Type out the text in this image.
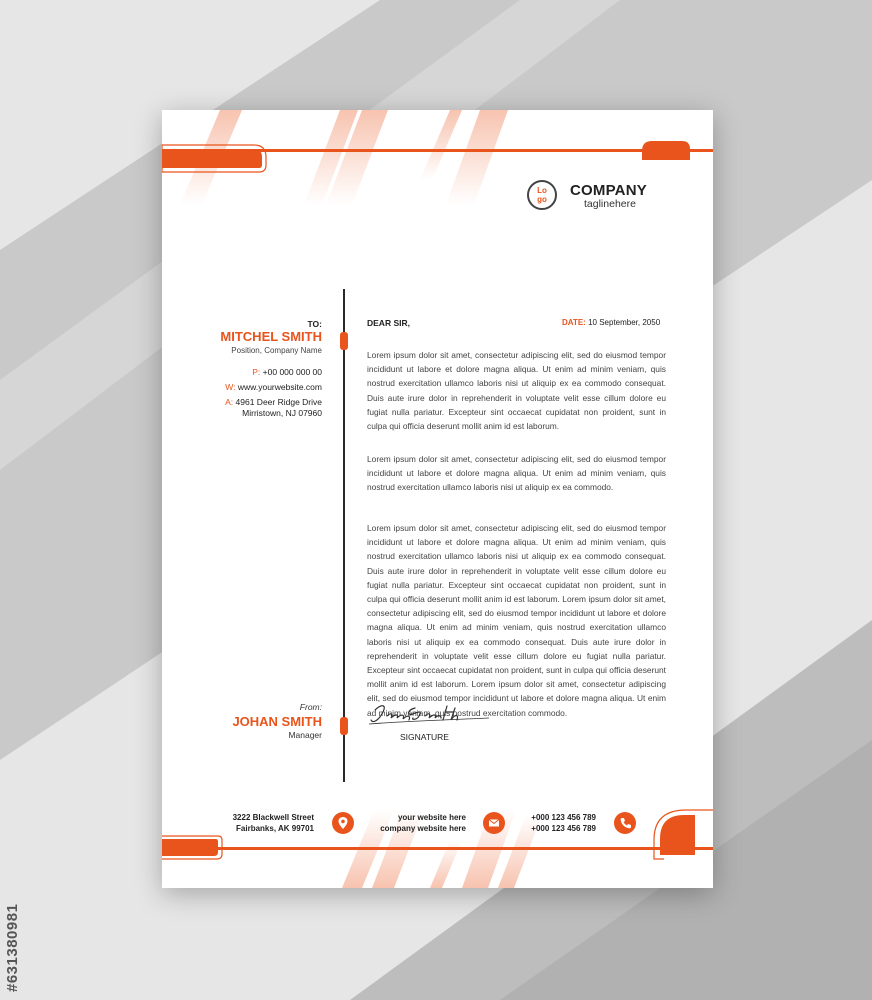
Lo go
COMPANY
taglinehere
TO:
MITCHEL SMITH
Position, Company Name
P: +00 000 000 00
W: www.yourwebsite.com
A: 4961 Deer Ridge Drive
Mirristown, NJ 07960
DEAR SIR,	DATE: 10 September, 2050
Lorem ipsum dolor sit amet, consectetur adipiscing elit, sed do eiusmod tempor incididunt ut labore et dolore magna aliqua. Ut enim ad minim veniam, quis nostrud exercitation ullamco laboris nisi ut aliquip ex ea commodo consequat. Duis aute irure dolor in reprehenderit in voluptate velit esse cillum dolore eu fugiat nulla pariatur. Excepteur sint occaecat cupidatat non proident, sunt in culpa qui officia deserunt mollit anim id est laborum.
Lorem ipsum dolor sit amet, consectetur adipiscing elit, sed do eiusmod tempor incididunt ut labore et dolore magna aliqua. Ut enim ad minim veniam, quis nostrud exercitation ullamco laboris nisi ut aliquip ex ea commodo.
Lorem ipsum dolor sit amet, consectetur adipiscing elit, sed do eiusmod tempor incididunt ut labore et dolore magna aliqua. Ut enim ad minim veniam, quis nostrud exercitation ullamco laboris nisi ut aliquip ex ea commodo consequat. Duis aute irure dolor in reprehenderit in voluptate velit esse cillum dolore eu fugiat nulla pariatur. Excepteur sint occaecat cupidatat non proident, sunt in culpa qui officia deserunt mollit anim id est laborum. Lorem ipsum dolor sit amet, consectetur adipiscing elit, sed do eiusmod tempor incididunt ut labore et dolore magna aliqua. Ut enim ad minim veniam, quis nostrud exercitation ullamco laboris nisi ut aliquip ex ea commodo consequat. Duis aute irure dolor in reprehenderit in voluptate velit esse cillum dolore eu fugiat nulla pariatur. Excepteur sint occaecat cupidatat non proident, sunt in culpa qui officia deserunt mollit anim id est laborum. Lorem ipsum dolor sit amet, consectetur adipiscing elit, sed do eiusmod tempor incididunt ut labore et dolore magna aliqua. Ut enim ad minim veniam, quis nostrud exercitation commodo.
From:
JOHAN SMITH
Manager	SIGNATURE
3222 Blackwell Street
Fairbanks, AK 99701
your website here
company website here
+000 123 456 789
+000 123 456 789
#631380981
